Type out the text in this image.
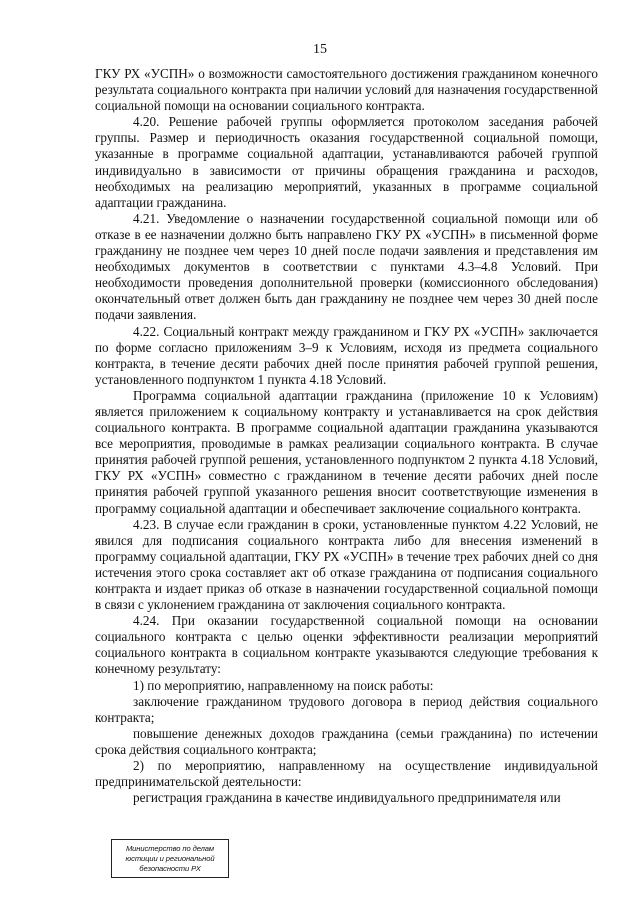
15

ГКУ РХ «УСПН» о возможности самостоятельного достижения гражданином конечного результата социального контракта при наличии условий для назначения государственной социальной помощи на основании социального контракта.

4.20. Решение рабочей группы оформляется протоколом заседания рабочей группы. Размер и периодичность оказания государственной социальной помощи, указанные в программе социальной адаптации, устанавливаются рабочей группой индивидуально в зависимости от причины обращения гражданина и расходов, необходимых на реализацию мероприятий, указанных в программе социальной адаптации гражданина.

4.21. Уведомление о назначении государственной социальной помощи или об отказе в ее назначении должно быть направлено ГКУ РХ «УСПН» в письменной форме гражданину не позднее чем через 10 дней после подачи заявления и представления им необходимых документов в соответствии с пунктами 4.3–4.8 Условий. При необходимости проведения дополнительной проверки (комиссионного обследования) окончательный ответ должен быть дан гражданину не позднее чем через 30 дней после подачи заявления.

4.22. Социальный контракт между гражданином и ГКУ РХ «УСПН» заключается по форме согласно приложениям 3–9 к Условиям, исходя из предмета социального контракта, в течение десяти рабочих дней после принятия рабочей группой решения, установленного подпунктом 1 пункта 4.18 Условий.

Программа социальной адаптации гражданина (приложение 10 к Условиям) является приложением к социальному контракту и устанавливается на срок действия социального контракта. В программе социальной адаптации гражданина указываются все мероприятия, проводимые в рамках реализации социального контракта. В случае принятия рабочей группой решения, установленного подпунктом 2 пункта 4.18 Условий, ГКУ РХ «УСПН» совместно с гражданином в течение десяти рабочих дней после принятия рабочей группой указанного решения вносит соответствующие изменения в программу социальной адаптации и обеспечивает заключение социального контракта.

4.23. В случае если гражданин в сроки, установленные пунктом 4.22 Условий, не явился для подписания социального контракта либо для внесения изменений в программу социальной адаптации, ГКУ РХ «УСПН» в течение трех рабочих дней со дня истечения этого срока составляет акт об отказе гражданина от подписания социального контракта и издает приказ об отказе в назначении государственной социальной помощи в связи с уклонением гражданина от заключения социального контракта.

4.24. При оказании государственной социальной помощи на основании социального контракта с целью оценки эффективности реализации мероприятий социального контракта в социальном контракте указываются следующие требования к конечному результату:

1) по мероприятию, направленному на поиск работы:

заключение гражданином трудового договора в период действия социального контракта;

повышение денежных доходов гражданина (семьи гражданина) по истечении срока действия социального контракта;

2) по мероприятию, направленному на осуществление индивидуальной предпринимательской деятельности:

регистрация гражданина в качестве индивидуального предпринимателя или

Министерство по делам
юстиции и региональной
безопасности РХ
